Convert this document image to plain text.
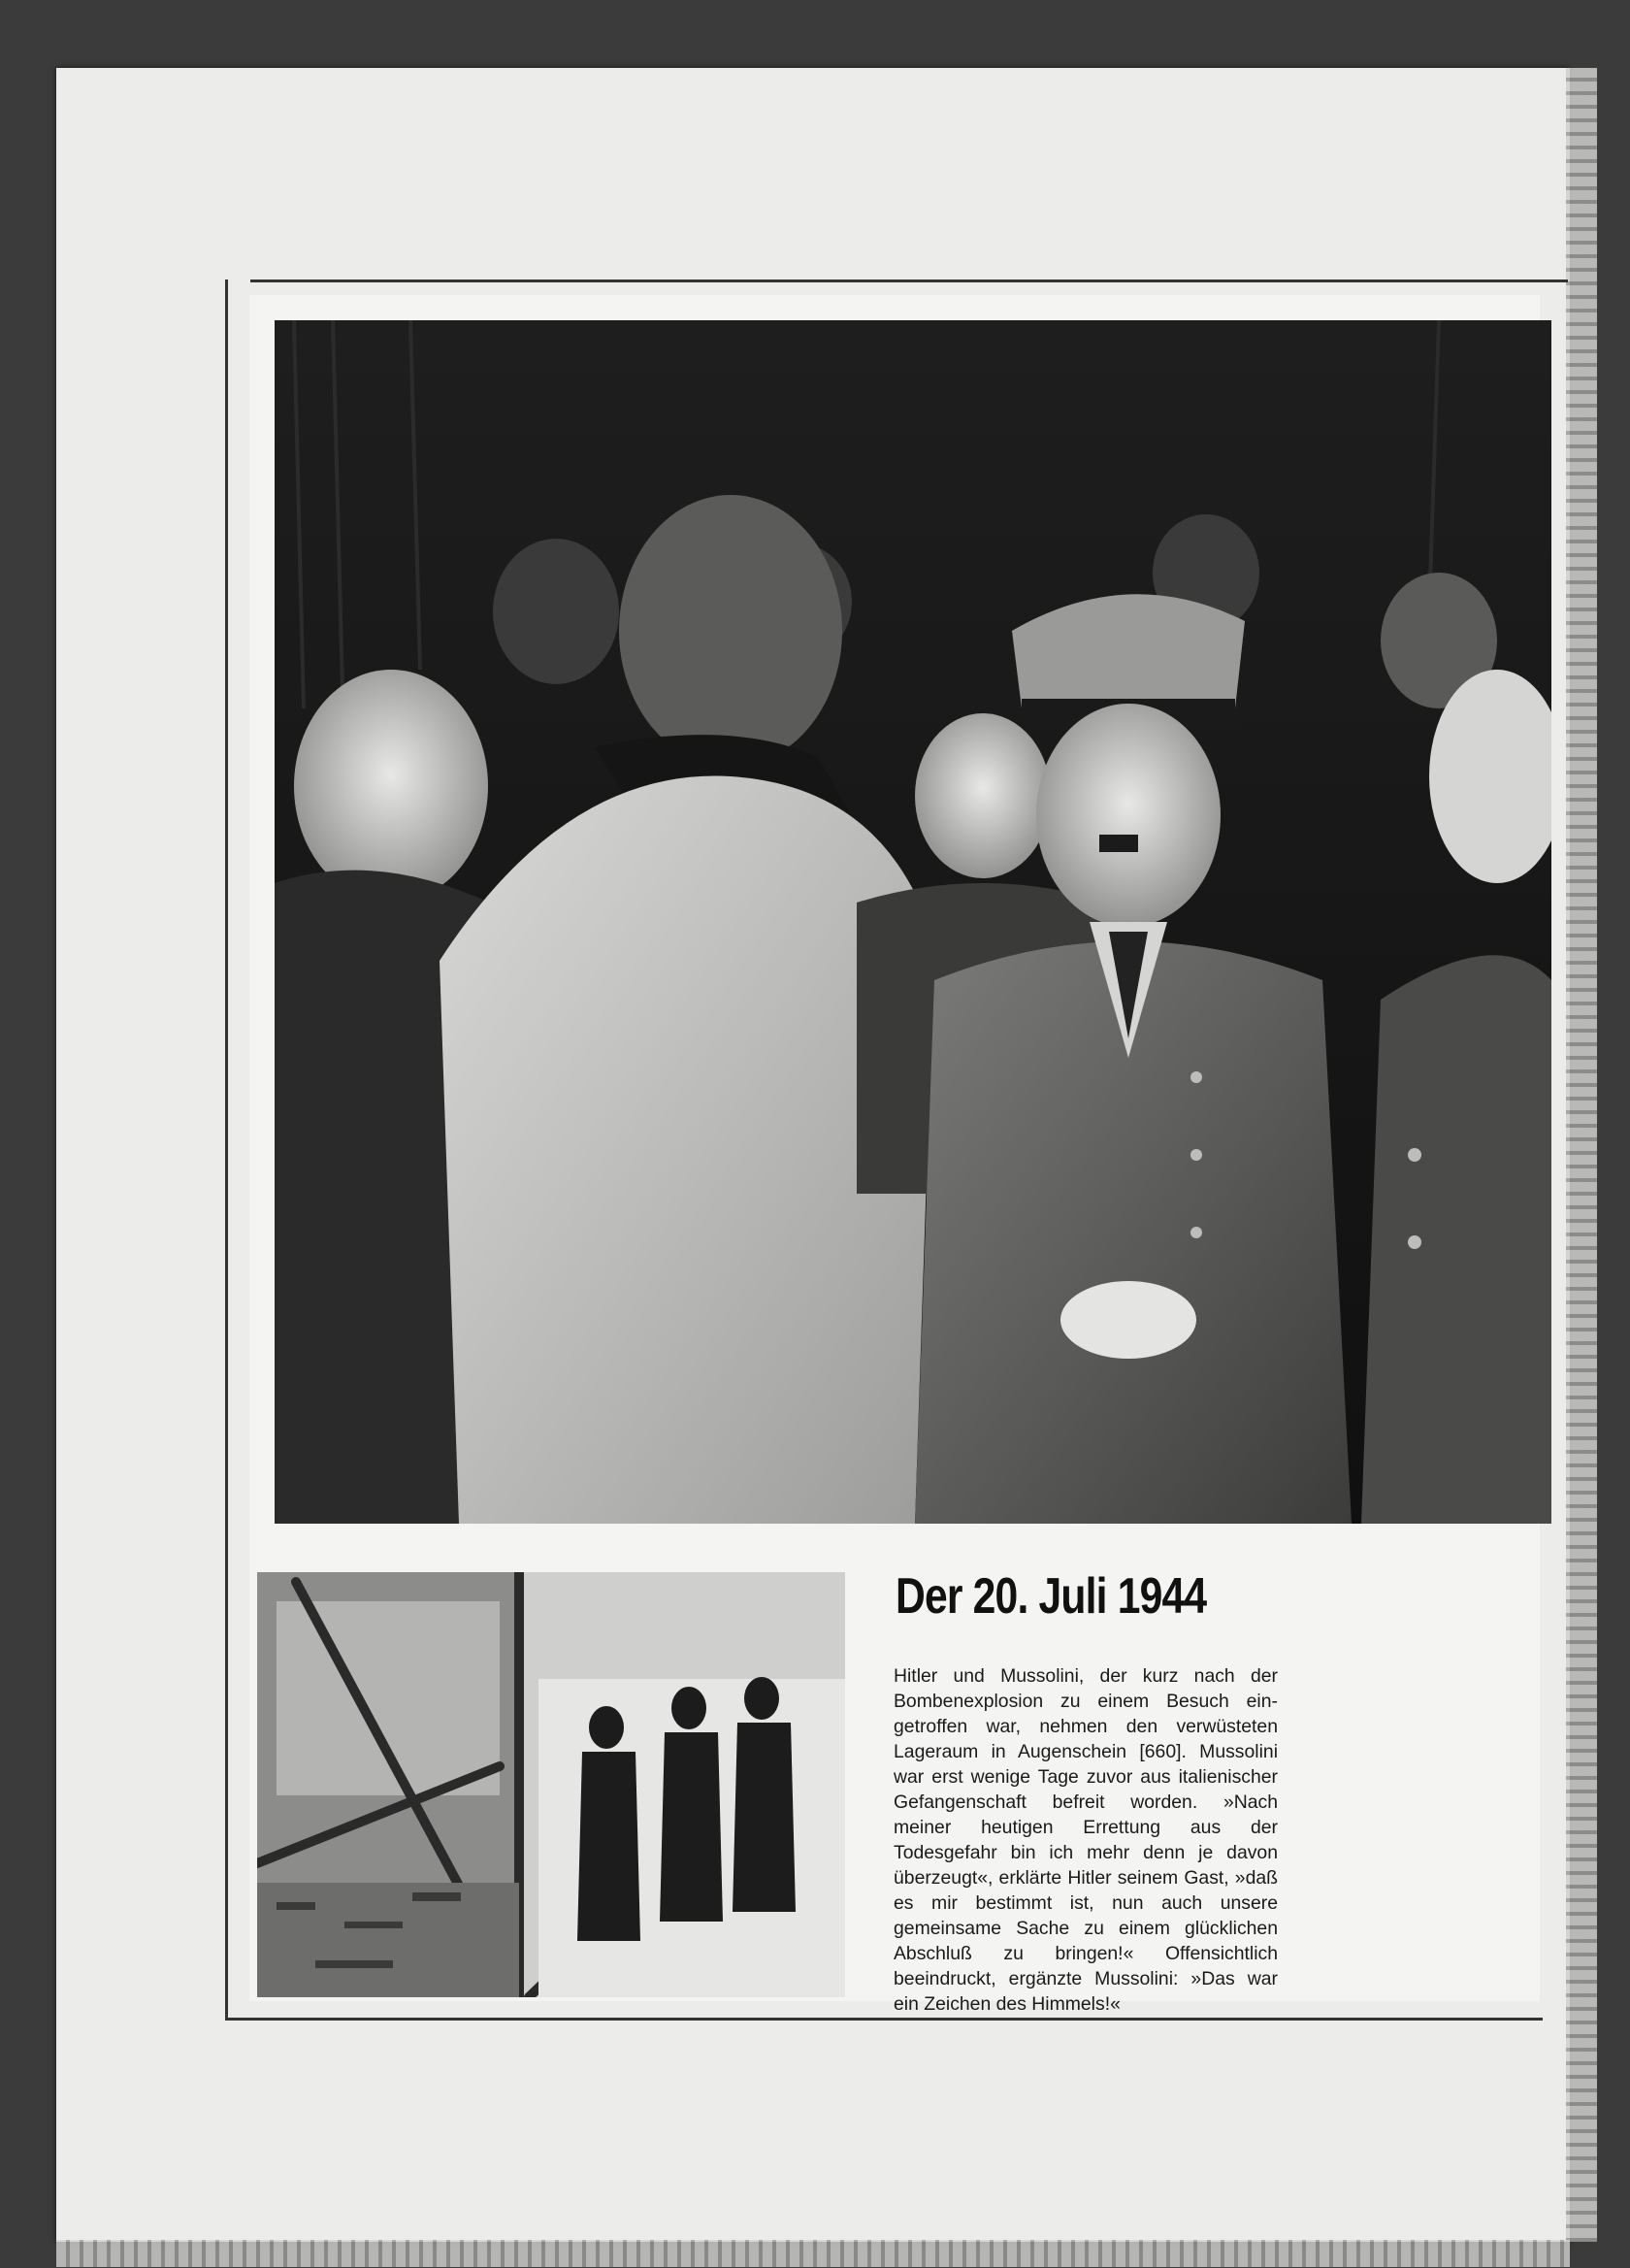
Der 20. Juli 1944

Hitler und Mussolini, der kurz nach der Bombenexplosion zu einem Besuch eingetroffen war, nehmen den verwüsteten Lageraum in Augenschein [660]. Mussolini war erst wenige Tage zuvor aus italienischer Gefangenschaft befreit worden. »Nach meiner heutigen Errettung aus der Todesgefahr bin ich mehr denn je davon überzeugt«, erklärte Hitler seinem Gast, »daß es mir bestimmt ist, nun auch unsere gemeinsame Sache zu einem glücklichen Abschluß zu bringen!« Offensichtlich beeindruckt, ergänzte Mussolini: »Das war ein Zeichen des Himmels!«
